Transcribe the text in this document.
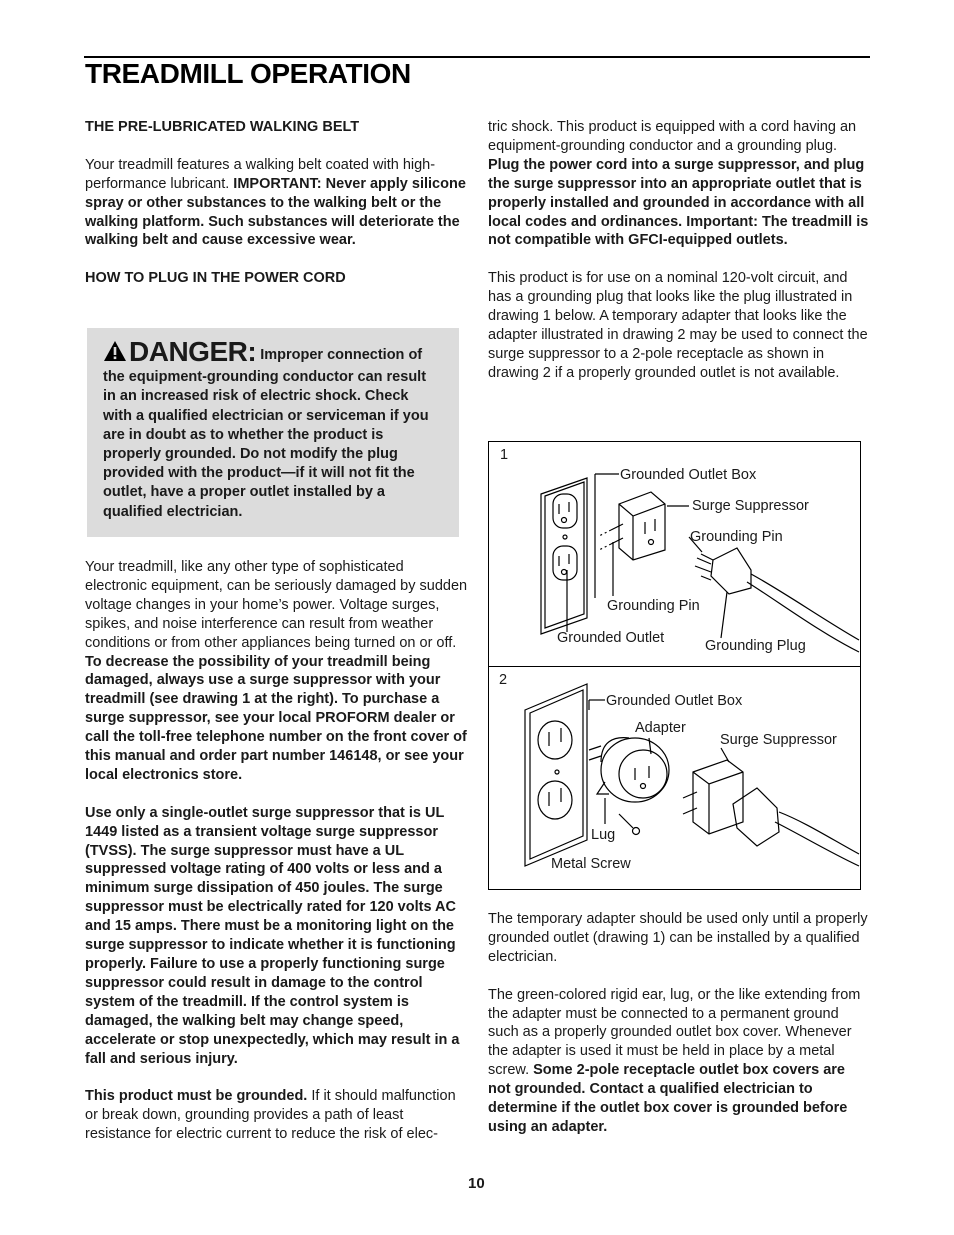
TREADMILL OPERATION
THE PRE-LUBRICATED WALKING BELT
Your treadmill features a walking belt coated with high-performance lubricant. IMPORTANT: Never apply silicone spray or other substances to the walking belt or the walking platform. Such substances will deteriorate the walking belt and cause excessive wear.
HOW TO PLUG IN THE POWER CORD
DANGER: Improper connection of the equipment-grounding conductor can result in an increased risk of electric shock. Check with a qualified electrician or serviceman if you are in doubt as to whether the product is properly grounded. Do not modify the plug provided with the product—if it will not fit the outlet, have a proper outlet installed by a qualified electrician.
Your treadmill, like any other type of sophisticated electronic equipment, can be seriously damaged by sudden voltage changes in your home’s power. Voltage surges, spikes, and noise interference can result from weather conditions or from other appliances being turned on or off. To decrease the possibility of your treadmill being damaged, always use a surge suppressor with your treadmill (see drawing 1 at the right). To purchase a surge suppressor, see your local PROFORM dealer or call the toll-free telephone number on the front cover of this manual and order part number 146148, or see your local electronics store.
Use only a single-outlet surge suppressor that is UL 1449 listed as a transient voltage surge suppressor (TVSS). The surge suppressor must have a UL suppressed voltage rating of 400 volts or less and a minimum surge dissipation of 450 joules. The surge suppressor must be electrically rated for 120 volts AC and 15 amps. There must be a monitoring light on the surge suppressor to indicate whether it is functioning properly. Failure to use a properly functioning surge suppressor could result in damage to the control system of the treadmill. If the control system is damaged, the walking belt may change speed, accelerate or stop unexpectedly, which may result in a fall and serious injury.
This product must be grounded. If it should malfunction or break down, grounding provides a path of least resistance for electric current to reduce the risk of elec-
tric shock. This product is equipped with a cord having an equipment-grounding conductor and a grounding plug. Plug the power cord into a surge suppressor, and plug the surge suppressor into an appropriate outlet that is properly installed and grounded in accordance with all local codes and ordinances. Important: The treadmill is not compatible with GFCI-equipped outlets.
This product is for use on a nominal 120-volt circuit, and has a grounding plug that looks like the plug illustrated in drawing 1 below. A temporary adapter that looks like the adapter illustrated in drawing 2 may be used to connect the surge suppressor to a 2-pole receptacle as shown in drawing 2 if a properly grounded outlet is not available.
1
Grounded Outlet Box
Surge Suppressor
Grounding Pin
Grounding Pin
Grounded Outlet	Grounding Plug
2
Grounded Outlet Box
Adapter
Surge Suppressor
Lug
Metal Screw
The temporary adapter should be used only until a properly grounded outlet (drawing 1) can be installed by a qualified electrician.
The green-colored rigid ear, lug, or the like extending from the adapter must be connected to a permanent ground such as a properly grounded outlet box cover. Whenever the adapter is used it must be held in place by a metal screw. Some 2-pole receptacle outlet box covers are not grounded. Contact a qualified electrician to determine if the outlet box cover is grounded before using an adapter.
10
